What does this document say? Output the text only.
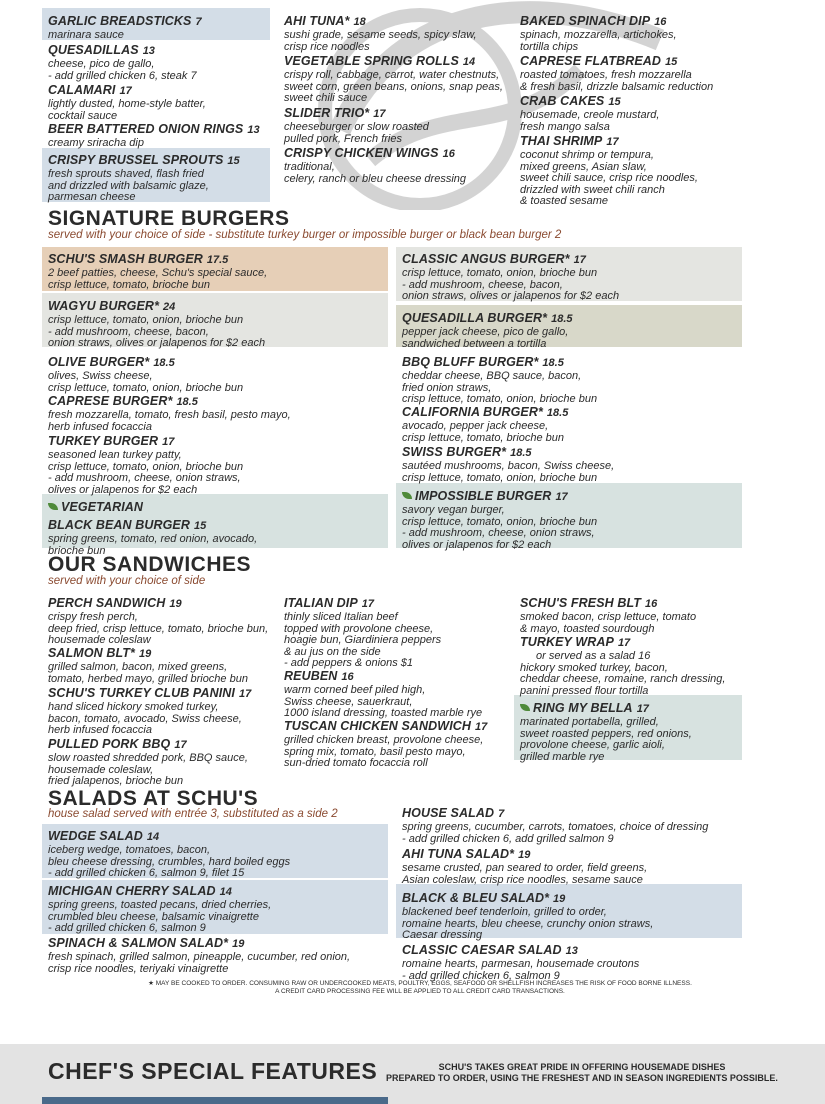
GARLIC BREADSTICKS 7
marinara sauce
QUESADILLAS 13
cheese, pico de gallo,
- add grilled chicken 6, steak 7
CALAMARI 17
lightly dusted, home-style batter,
cocktail sauce
BEER BATTERED ONION RINGS 13
creamy sriracha dip
CRISPY BRUSSEL SPROUTS 15
fresh sprouts shaved, flash fried
and drizzled with balsamic glaze,
parmesan cheese
AHI TUNA* 18
sushi grade, sesame seeds, spicy slaw,
crisp rice noodles
VEGETABLE SPRING ROLLS 14
crispy roll, cabbage, carrot, water chestnuts,
sweet corn, green beans, onions, snap peas,
sweet chili sauce
SLIDER TRIO* 17
cheeseburger or slow roasted
pulled pork, French fries
CRISPY CHICKEN WINGS 16
traditional,
celery, ranch or bleu cheese dressing
BAKED SPINACH DIP 16
spinach, mozzarella, artichokes,
tortilla chips
CAPRESE FLATBREAD 15
roasted tomatoes, fresh mozzarella
& fresh basil, drizzle balsamic reduction
CRAB CAKES 15
housemade, creole mustard,
fresh mango salsa
THAI SHRIMP 17
coconut shrimp or tempura,
mixed greens, Asian slaw,
sweet chili sauce, crisp rice noodles,
drizzled with sweet chili ranch
& toasted sesame
SIGNATURE BURGERS
served with your choice of side - substitute turkey burger or impossible burger or black bean burger 2
SCHU'S SMASH BURGER 17.5
2 beef patties, cheese, Schu's special sauce,
crisp lettuce, tomato, brioche bun
WAGYU BURGER* 24
crisp lettuce, tomato, onion, brioche bun
- add mushroom, cheese, bacon,
onion straws, olives or jalapenos for $2 each
OLIVE BURGER* 18.5
olives, Swiss cheese,
crisp lettuce, tomato, onion, brioche bun
CAPRESE BURGER* 18.5
fresh mozzarella, tomato, fresh basil, pesto mayo,
herb infused focaccia
TURKEY BURGER 17
seasoned lean turkey patty,
crisp lettuce, tomato, onion, brioche bun
- add mushroom, cheese, onion straws,
olives or jalapenos for $2 each
VEGETARIAN
BLACK BEAN BURGER 15
spring greens, tomato, red onion, avocado,
brioche bun
CLASSIC ANGUS BURGER* 17
crisp lettuce, tomato, onion, brioche bun
- add mushroom, cheese, bacon,
onion straws, olives or jalapenos for $2 each
QUESADILLA BURGER* 18.5
pepper jack cheese, pico de gallo,
sandwiched between a tortilla
BBQ BLUFF BURGER* 18.5
cheddar cheese, BBQ sauce, bacon,
fried onion straws,
crisp lettuce, tomato, onion, brioche bun
CALIFORNIA BURGER* 18.5
avocado, pepper jack cheese,
crisp lettuce, tomato, brioche bun
SWISS BURGER* 18.5
sautéed mushrooms, bacon, Swiss cheese,
crisp lettuce, tomato, onion, brioche bun
IMPOSSIBLE BURGER 17
savory vegan burger,
crisp lettuce, tomato, onion, brioche bun
- add mushroom, cheese, onion straws,
olives or jalapenos for $2 each
OUR SANDWICHES
served with your choice of side
PERCH SANDWICH 19
crispy fresh perch,
deep fried, crisp lettuce, tomato, brioche bun,
housemade coleslaw
SALMON BLT* 19
grilled salmon, bacon, mixed greens,
tomato, herbed mayo, grilled brioche bun
SCHU'S TURKEY CLUB PANINI 17
hand sliced hickory smoked turkey,
bacon, tomato, avocado, Swiss cheese,
herb infused focaccia
PULLED PORK BBQ 17
slow roasted shredded pork, BBQ sauce,
housemade coleslaw,
fried jalapenos, brioche bun
ITALIAN DIP 17
thinly sliced Italian beef
topped with provolone cheese,
hoagie bun, Giardiniera peppers
& au jus on the side
- add peppers & onions $1
REUBEN 16
warm corned beef piled high,
Swiss cheese, sauerkraut,
1000 island dressing, toasted marble rye
TUSCAN CHICKEN SANDWICH 17
grilled chicken breast, provolone cheese,
spring mix, tomato, basil pesto mayo,
sun-dried tomato focaccia roll
SCHU'S FRESH BLT 16
smoked bacon, crisp lettuce, tomato
& mayo, toasted sourdough
TURKEY WRAP 17
or served as a salad 16
hickory smoked turkey, bacon,
cheddar cheese, romaine, ranch dressing,
panini pressed flour tortilla
RING MY BELLA 17
marinated portabella, grilled,
sweet roasted peppers, red onions,
provolone cheese, garlic aioli,
grilled marble rye
SALADS AT SCHU'S
house salad served with entrée 3, substituted as a side 2
WEDGE SALAD 14
iceberg wedge, tomatoes, bacon,
bleu cheese dressing, crumbles, hard boiled eggs
- add grilled chicken 6, salmon 9, filet 15
MICHIGAN CHERRY SALAD 14
spring greens, toasted pecans, dried cherries,
crumbled bleu cheese, balsamic vinaigrette
- add grilled chicken 6, salmon 9
SPINACH & SALMON SALAD* 19
fresh spinach, grilled salmon, pineapple, cucumber, red onion,
crisp rice noodles, teriyaki vinaigrette
HOUSE SALAD 7
spring greens, cucumber, carrots, tomatoes, choice of dressing
- add grilled chicken 6, add grilled salmon 9
AHI TUNA SALAD* 19
sesame crusted, pan seared to order, field greens,
Asian coleslaw, crisp rice noodles, sesame sauce
BLACK & BLEU SALAD* 19
blackened beef tenderloin, grilled to order,
romaine hearts, bleu cheese, crunchy onion straws,
Caesar dressing
CLASSIC CAESAR SALAD 13
romaine hearts, parmesan, housemade croutons
- add grilled chicken 6, salmon 9
★ MAY BE COOKED TO ORDER. CONSUMING RAW OR UNDERCOOKED MEATS, POULTRY, EGGS, SEAFOOD OR SHELLFISH INCREASES THE RISK OF FOOD BORNE ILLNESS.
A CREDIT CARD PROCESSING FEE WILL BE APPLIED TO ALL CREDIT CARD TRANSACTIONS.
CHEF'S SPECIAL FEATURES	SCHU'S TAKES GREAT PRIDE IN OFFERING HOUSEMADE DISHES
PREPARED TO ORDER, USING THE FRESHEST AND IN SEASON INGREDIENTS POSSIBLE.
